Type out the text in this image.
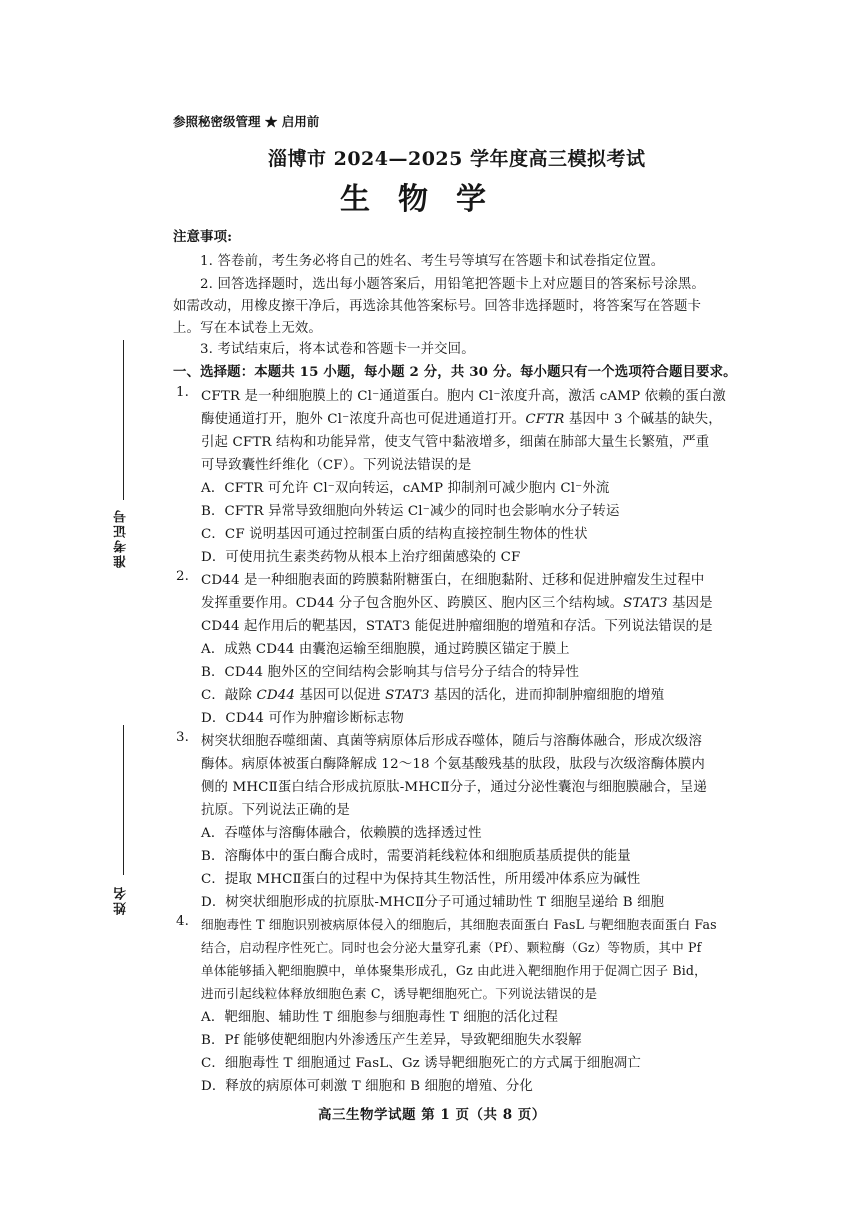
参照秘密级管理 ★ 启用前
淄博市 2024—2025 学年度高三模拟考试
生物学
注意事项:
1. 答卷前，考生务必将自己的姓名、考生号等填写在答题卡和试卷指定位置。
2. 回答选择题时，选出每小题答案后，用铅笔把答题卡上对应题目的答案标号涂黑。
如需改动，用橡皮擦干净后，再选涂其他答案标号。回答非选择题时，将答案写在答题卡
上。写在本试卷上无效。
3. 考试结束后，将本试卷和答题卡一并交回。
准考证号
姓名
一、选择题：本题共 15 小题，每小题 2 分，共 30 分。每小题只有一个选项符合题目要求。
1. CFTR 是一种细胞膜上的 Cl⁻通道蛋白。胞内 Cl⁻浓度升高，激活 cAMP 依赖的蛋白激
酶使通道打开，胞外 Cl⁻浓度升高也可促进通道打开。CFTR 基因中 3 个碱基的缺失，
引起 CFTR 结构和功能异常，使支气管中黏液增多，细菌在肺部大量生长繁殖，严重
可导致囊性纤维化（CF）。下列说法错误的是
A．CFTR 可允许 Cl⁻双向转运，cAMP 抑制剂可减少胞内 Cl⁻外流
B．CFTR 异常导致细胞向外转运 Cl⁻减少的同时也会影响水分子转运
C．CF 说明基因可通过控制蛋白质的结构直接控制生物体的性状
D．可使用抗生素类药物从根本上治疗细菌感染的 CF
2. CD44 是一种细胞表面的跨膜黏附糖蛋白，在细胞黏附、迁移和促进肿瘤发生过程中
发挥重要作用。CD44 分子包含胞外区、跨膜区、胞内区三个结构域。STAT3 基因是
CD44 起作用后的靶基因，STAT3 能促进肿瘤细胞的增殖和存活。下列说法错误的是
A．成熟 CD44 由囊泡运输至细胞膜，通过跨膜区锚定于膜上
B．CD44 胞外区的空间结构会影响其与信号分子结合的特异性
C．敲除 CD44 基因可以促进 STAT3 基因的活化，进而抑制肿瘤细胞的增殖
D．CD44 可作为肿瘤诊断标志物
3. 树突状细胞吞噬细菌、真菌等病原体后形成吞噬体，随后与溶酶体融合，形成次级溶
酶体。病原体被蛋白酶降解成 12～18 个氨基酸残基的肽段，肽段与次级溶酶体膜内
侧的 MHCⅡ蛋白结合形成抗原肽-MHCⅡ分子，通过分泌性囊泡与细胞膜融合，呈递
抗原。下列说法正确的是
A．吞噬体与溶酶体融合，依赖膜的选择透过性
B．溶酶体中的蛋白酶合成时，需要消耗线粒体和细胞质基质提供的能量
C．提取 MHCⅡ蛋白的过程中为保持其生物活性，所用缓冲体系应为碱性
D．树突状细胞形成的抗原肽-MHCⅡ分子可通过辅助性 T 细胞呈递给 B 细胞
4. 细胞毒性 T 细胞识别被病原体侵入的细胞后，其细胞表面蛋白 FasL 与靶细胞表面蛋白 Fas
结合，启动程序性死亡。同时也会分泌大量穿孔素（Pf）、颗粒酶（Gz）等物质，其中 Pf
单体能够插入靶细胞膜中，单体聚集形成孔，Gz 由此进入靶细胞作用于促凋亡因子 Bid，
进而引起线粒体释放细胞色素 C，诱导靶细胞死亡。下列说法错误的是
A．靶细胞、辅助性 T 细胞参与细胞毒性 T 细胞的活化过程
B．Pf 能够使靶细胞内外渗透压产生差异，导致靶细胞失水裂解
C．细胞毒性 T 细胞通过 FasL、Gz 诱导靶细胞死亡的方式属于细胞凋亡
D．释放的病原体可刺激 T 细胞和 B 细胞的增殖、分化
高三生物学试题 第 1 页（共 8 页）
